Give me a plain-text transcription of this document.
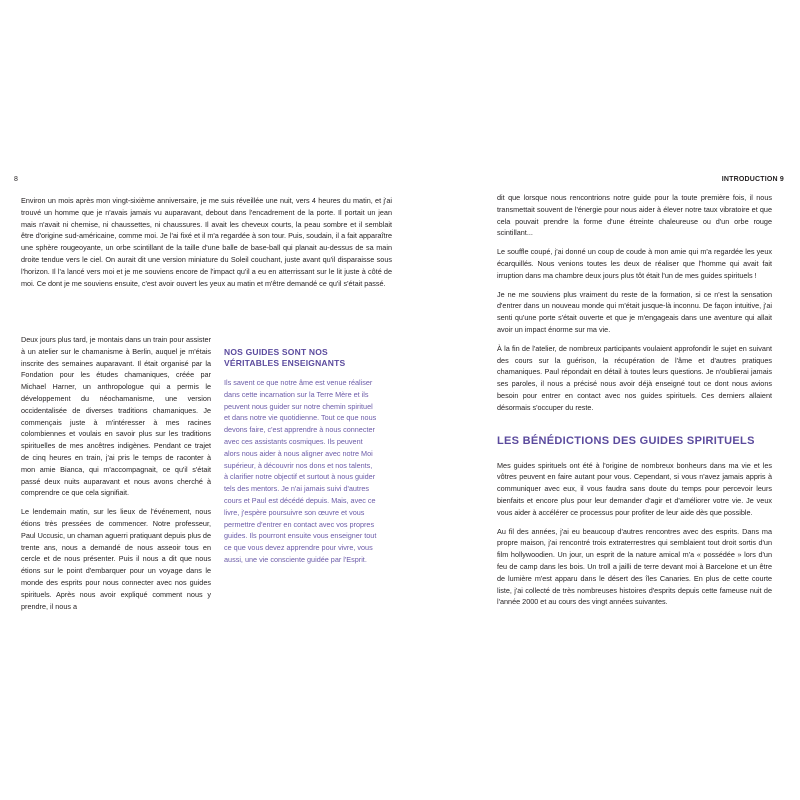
8	INTRODUCTION 9

Environ un mois après mon vingt-sixième anniversaire, je me suis réveillée une nuit, vers 4 heures du matin, et j'ai trouvé un homme que je n'avais jamais vu auparavant, debout dans l'encadrement de la porte. Il portait un jean mais n'avait ni chemise, ni chaussettes, ni chaussures. Il avait les cheveux courts, la peau sombre et il semblait être d'origine sud-américaine, comme moi. Je l'ai fixé et il m'a regardée à son tour. Puis, soudain, il a fait apparaître une sphère rougeoyante, un orbe scintillant de la taille d'une balle de base-ball qui planait au-dessus de sa main droite tendue vers le ciel. On aurait dit une version miniature du Soleil couchant, juste avant qu'il disparaisse sous l'horizon. Il l'a lancé vers moi et je me souviens encore de l'impact qu'il a eu en atterrissant sur le lit juste à côté de moi. Ce dont je me souviens ensuite, c'est avoir ouvert les yeux au matin et m'être demandé ce qu'il s'était passé.

Deux jours plus tard, je montais dans un train pour assister à un atelier sur le chamanisme à Berlin, auquel je m'étais inscrite des semaines auparavant. Il était organisé par la Fondation pour les études chamaniques, créée par Michael Harner, un anthropologue qui a permis le développement du néochamanisme, une version occidentalisée de diverses traditions chamaniques. Je commençais juste à m'intéresser à mes racines colombiennes et voulais en savoir plus sur les traditions spirituelles de mes ancêtres indigènes. Pendant ce trajet de cinq heures en train, j'ai pris le temps de raconter à mon amie Bianca, qui m'accompagnait, ce qu'il s'était passé deux nuits auparavant et nous avons cherché à comprendre ce que cela signifiait.

Le lendemain matin, sur les lieux de l'événement, nous étions très pressées de commencer. Notre professeur, Paul Uccusic, un chaman aguerri pratiquant depuis plus de trente ans, nous a demandé de nous asseoir tous en cercle et de nous présenter. Puis il nous a dit que nous étions sur le point d'embarquer pour un voyage dans le monde des esprits pour nous connecter avec nos guides spirituels. Après nous avoir expliqué comment nous y prendre, il nous a

NOS GUIDES SONT NOS VÉRITABLES ENSEIGNANTS

Ils savent ce que notre âme est venue réaliser dans cette incarnation sur la Terre Mère et ils peuvent nous guider sur notre chemin spirituel et dans notre vie quotidienne. Tout ce que nous devons faire, c'est apprendre à nous connecter avec ces assistants cosmiques. Ils peuvent alors nous aider à nous aligner avec notre Moi supérieur, à découvrir nos dons et nos talents, à clarifier notre objectif et surtout à nous guider tels des mentors. Je n'ai jamais suivi d'autres cours et Paul est décédé depuis. Mais, avec ce livre, j'espère poursuivre son œuvre et vous permettre d'entrer en contact avec vos propres guides. Ils pourront ensuite vous enseigner tout ce que vous devez apprendre pour vivre, vous aussi, une vie consciente guidée par l'Esprit.

dit que lorsque nous rencontrions notre guide pour la toute première fois, il nous transmettait souvent de l'énergie pour nous aider à élever notre taux vibratoire et que cela pouvait prendre la forme d'une étreinte chaleureuse ou d'un orbe rouge scintillant...

Le souffle coupé, j'ai donné un coup de coude à mon amie qui m'a regardée les yeux écarquillés. Nous venions toutes les deux de réaliser que l'homme qui avait fait irruption dans ma chambre deux jours plus tôt était l'un de mes guides spirituels !

Je ne me souviens plus vraiment du reste de la formation, si ce n'est la sensation d'entrer dans un nouveau monde qui m'était jusque-là inconnu. De façon intuitive, j'ai senti qu'une porte s'était ouverte et que je m'engageais dans une aventure qui allait avoir un impact énorme sur ma vie.

À la fin de l'atelier, de nombreux participants voulaient approfondir le sujet en suivant des cours sur la guérison, la récupération de l'âme et d'autres pratiques chamaniques. Paul répondait en détail à toutes leurs questions. Je n'oublierai jamais ses paroles, il nous a précisé nous avoir déjà enseigné tout ce dont nous avions besoin pour entrer en contact avec nos guides spirituels. Ces derniers allaient désormais s'occuper du reste.

LES BÉNÉDICTIONS DES GUIDES SPIRITUELS

Mes guides spirituels ont été à l'origine de nombreux bonheurs dans ma vie et les vôtres peuvent en faire autant pour vous. Cependant, si vous n'avez jamais appris à communiquer avec eux, il vous faudra sans doute du temps pour percevoir leurs bienfaits et encore plus pour leur demander d'agir et d'améliorer votre vie. Je veux vous aider à accélérer ce processus pour profiter de leur aide dès que possible.

Au fil des années, j'ai eu beaucoup d'autres rencontres avec des esprits. Dans ma propre maison, j'ai rencontré trois extraterrestres qui semblaient tout droit sortis d'un film hollywoodien. Un jour, un esprit de la nature amical m'a « possédée » lors d'un feu de camp dans les bois. Un troll a jailli de terre devant moi à Barcelone et un être de lumière m'est apparu dans le désert des îles Canaries. En plus de cette courte liste, j'ai collecté de très nombreuses histoires d'esprits depuis cette fameuse nuit de l'année 2000 et au cours des vingt années suivantes.
